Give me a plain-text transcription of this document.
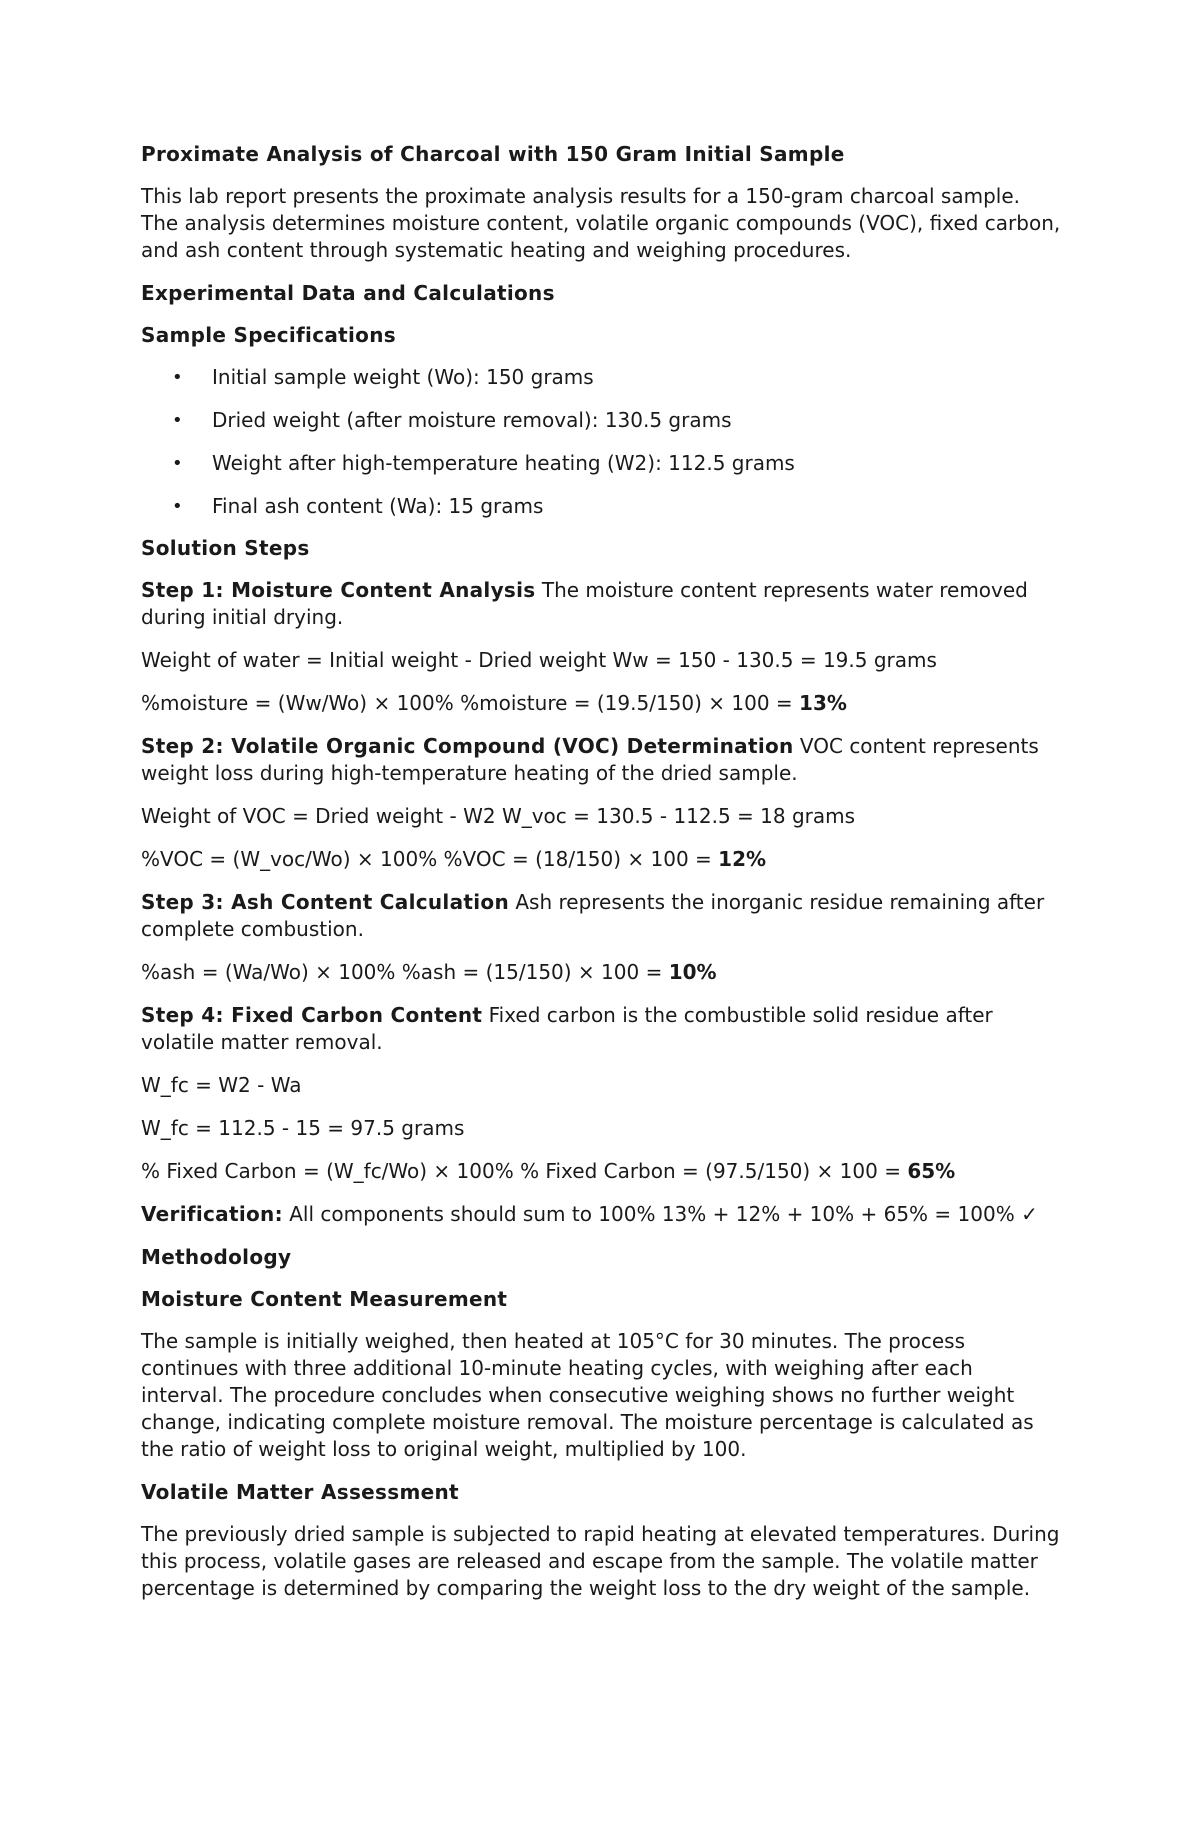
Proximate Analysis of Charcoal with 150 Gram Initial Sample

This lab report presents the proximate analysis results for a 150-gram charcoal sample. The analysis determines moisture content, volatile organic compounds (VOC), fixed carbon, and ash content through systematic heating and weighing procedures.

Experimental Data and Calculations
Sample Specifications
• Initial sample weight (Wo): 150 grams
• Dried weight (after moisture removal): 130.5 grams
• Weight after high-temperature heating (W2): 112.5 grams
• Final ash content (Wa): 15 grams
Solution Steps

Step 1: Moisture Content Analysis The moisture content represents water removed during initial drying.

Weight of water = Initial weight - Dried weight Ww = 150 - 130.5 = 19.5 grams

%moisture = (Ww/Wo) × 100% %moisture = (19.5/150) × 100 = 13%

Step 2: Volatile Organic Compound (VOC) Determination VOC content represents weight loss during high-temperature heating of the dried sample.

Weight of VOC = Dried weight - W2 W_voc = 130.5 - 112.5 = 18 grams

%VOC = (W_voc/Wo) × 100% %VOC = (18/150) × 100 = 12%

Step 3: Ash Content Calculation Ash represents the inorganic residue remaining after complete combustion.

%ash = (Wa/Wo) × 100% %ash = (15/150) × 100 = 10%

Step 4: Fixed Carbon Content Fixed carbon is the combustible solid residue after volatile matter removal.

W_fc = W2 - Wa

W_fc = 112.5 - 15 = 97.5 grams

% Fixed Carbon = (W_fc/Wo) × 100% % Fixed Carbon = (97.5/150) × 100 = 65%

Verification: All components should sum to 100% 13% + 12% + 10% + 65% = 100% ✓

Methodology
Moisture Content Measurement

The sample is initially weighed, then heated at 105°C for 30 minutes. The process continues with three additional 10-minute heating cycles, with weighing after each interval. The procedure concludes when consecutive weighing shows no further weight change, indicating complete moisture removal. The moisture percentage is calculated as the ratio of weight loss to original weight, multiplied by 100.

Volatile Matter Assessment

The previously dried sample is subjected to rapid heating at elevated temperatures. During this process, volatile gases are released and escape from the sample. The volatile matter percentage is determined by comparing the weight loss to the dry weight of the sample.
